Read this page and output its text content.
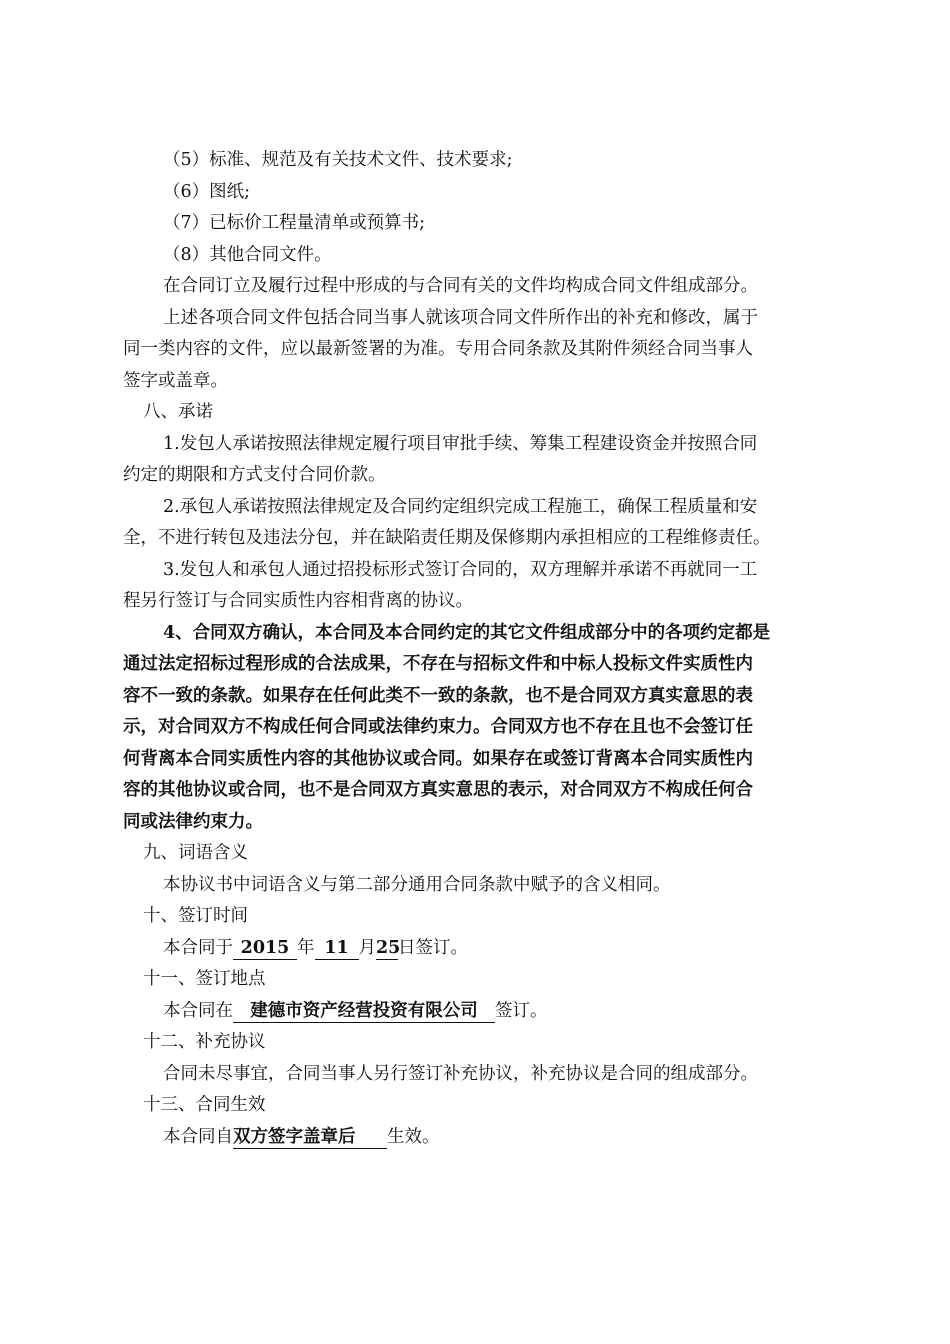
（5）标准、规范及有关技术文件、技术要求;
（6）图纸;
（7）已标价工程量清单或预算书;
（8）其他合同文件。
在合同订立及履行过程中形成的与合同有关的文件均构成合同文件组成部分。
上述各项合同文件包括合同当事人就该项合同文件所作出的补充和修改，属于
同一类内容的文件，应以最新签署的为准。专用合同条款及其附件须经合同当事人
签字或盖章。
八、承诺
1.发包人承诺按照法律规定履行项目审批手续、筹集工程建设资金并按照合同
约定的期限和方式支付合同价款。
2.承包人承诺按照法律规定及合同约定组织完成工程施工，确保工程质量和安
全，不进行转包及违法分包，并在缺陷责任期及保修期内承担相应的工程维修责任。
3.发包人和承包人通过招投标形式签订合同的，双方理解并承诺不再就同一工
程另行签订与合同实质性内容相背离的协议。
4、合同双方确认，本合同及本合同约定的其它文件组成部分中的各项约定都是
通过法定招标过程形成的合法成果，不存在与招标文件和中标人投标文件实质性内
容不一致的条款。如果存在任何此类不一致的条款，也不是合同双方真实意思的表
示，对合同双方不构成任何合同或法律约束力。合同双方也不存在且也不会签订任
何背离本合同实质性内容的其他协议或合同。如果存在或签订背离本合同实质性内
容的其他协议或合同，也不是合同双方真实意思的表示，对合同双方不构成任何合
同或法律约束力。
九、词语含义
本协议书中词语含义与第二部分通用合同条款中赋予的含义相同。
十、签订时间
本合同于 2015 年 11 月25日签订。
十一、签订地点
本合同在 建德市资产经营投资有限公司 签订。
十二、补充协议
合同未尽事宜，合同当事人另行签订补充协议，补充协议是合同的组成部分。
十三、合同生效
本合同自双方签字盖章后 生效。
